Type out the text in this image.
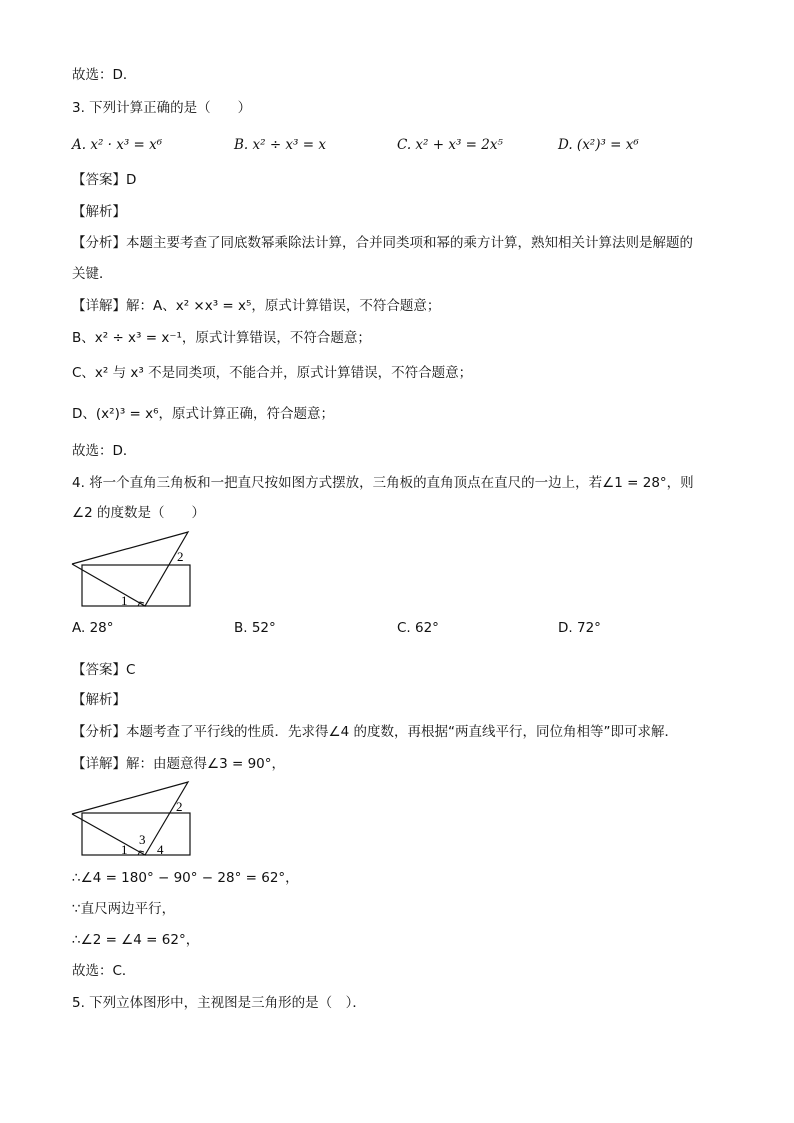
故选：D．
3. 下列计算正确的是（　　）
A. x² · x³ = x⁶	B. x² ÷ x³ = x	C. x² + x³ = 2x⁵	D. (x²)³ = x⁶
【答案】D
【解析】
【分析】本题主要考查了同底数幂乘除法计算，合并同类项和幂的乘方计算，熟知相关计算法则是解题的
关键．
【详解】解：A、x² ×x³ = x⁵，原式计算错误，不符合题意；
B、x² ÷ x³ = x⁻¹，原式计算错误，不符合题意；
C、x² 与 x³ 不是同类项，不能合并，原式计算错误，不符合题意；
D、(x²)³ = x⁶，原式计算正确，符合题意；
故选：D．
4. 将一个直角三角板和一把直尺按如图方式摆放，三角板的直角顶点在直尺的一边上，若∠1 = 28°，则
∠2 的度数是（　　）
1
2
A. 28°	B. 52°	C. 62°	D. 72°
【答案】C
【解析】
【分析】本题考查了平行线的性质．先求得∠4 的度数，再根据“两直线平行，同位角相等”即可求解．
【详解】解：由题意得∠3 = 90°，
1
2
3
4
∴∠4 = 180° − 90° − 28° = 62°，
∵直尺两边平行，
∴∠2 = ∠4 = 62°，
故选：C．
5. 下列立体图形中，主视图是三角形的是（　）．
